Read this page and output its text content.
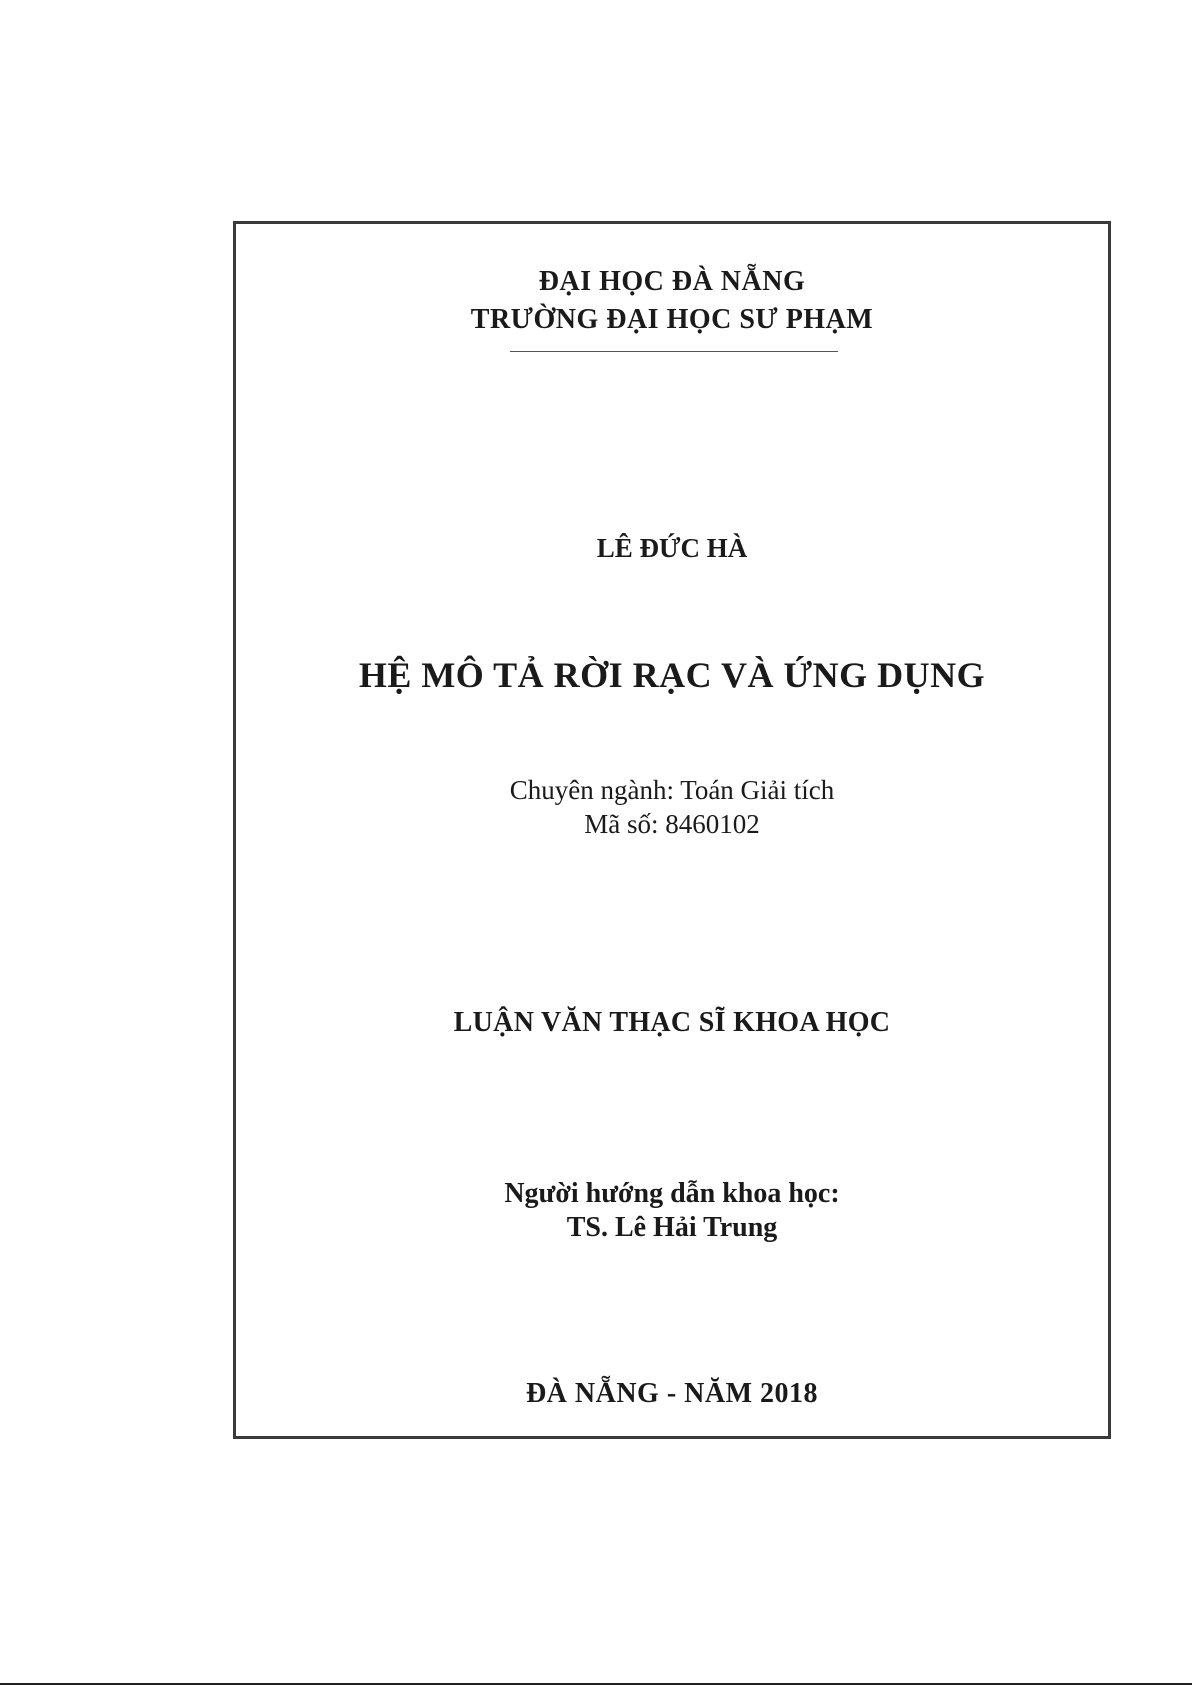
ĐẠI HỌC ĐÀ NẴNG
TRƯỜNG ĐẠI HỌC SƯ PHẠM
LÊ ĐỨC HÀ
HỆ MÔ TẢ RỜI RẠC VÀ ỨNG DỤNG
Chuyên ngành: Toán Giải tích
Mã số: 8460102
LUẬN VĂN THẠC SĨ KHOA HỌC
Người hướng dẫn khoa học:
TS. Lê Hải Trung
ĐÀ NẴNG - NĂM 2018
